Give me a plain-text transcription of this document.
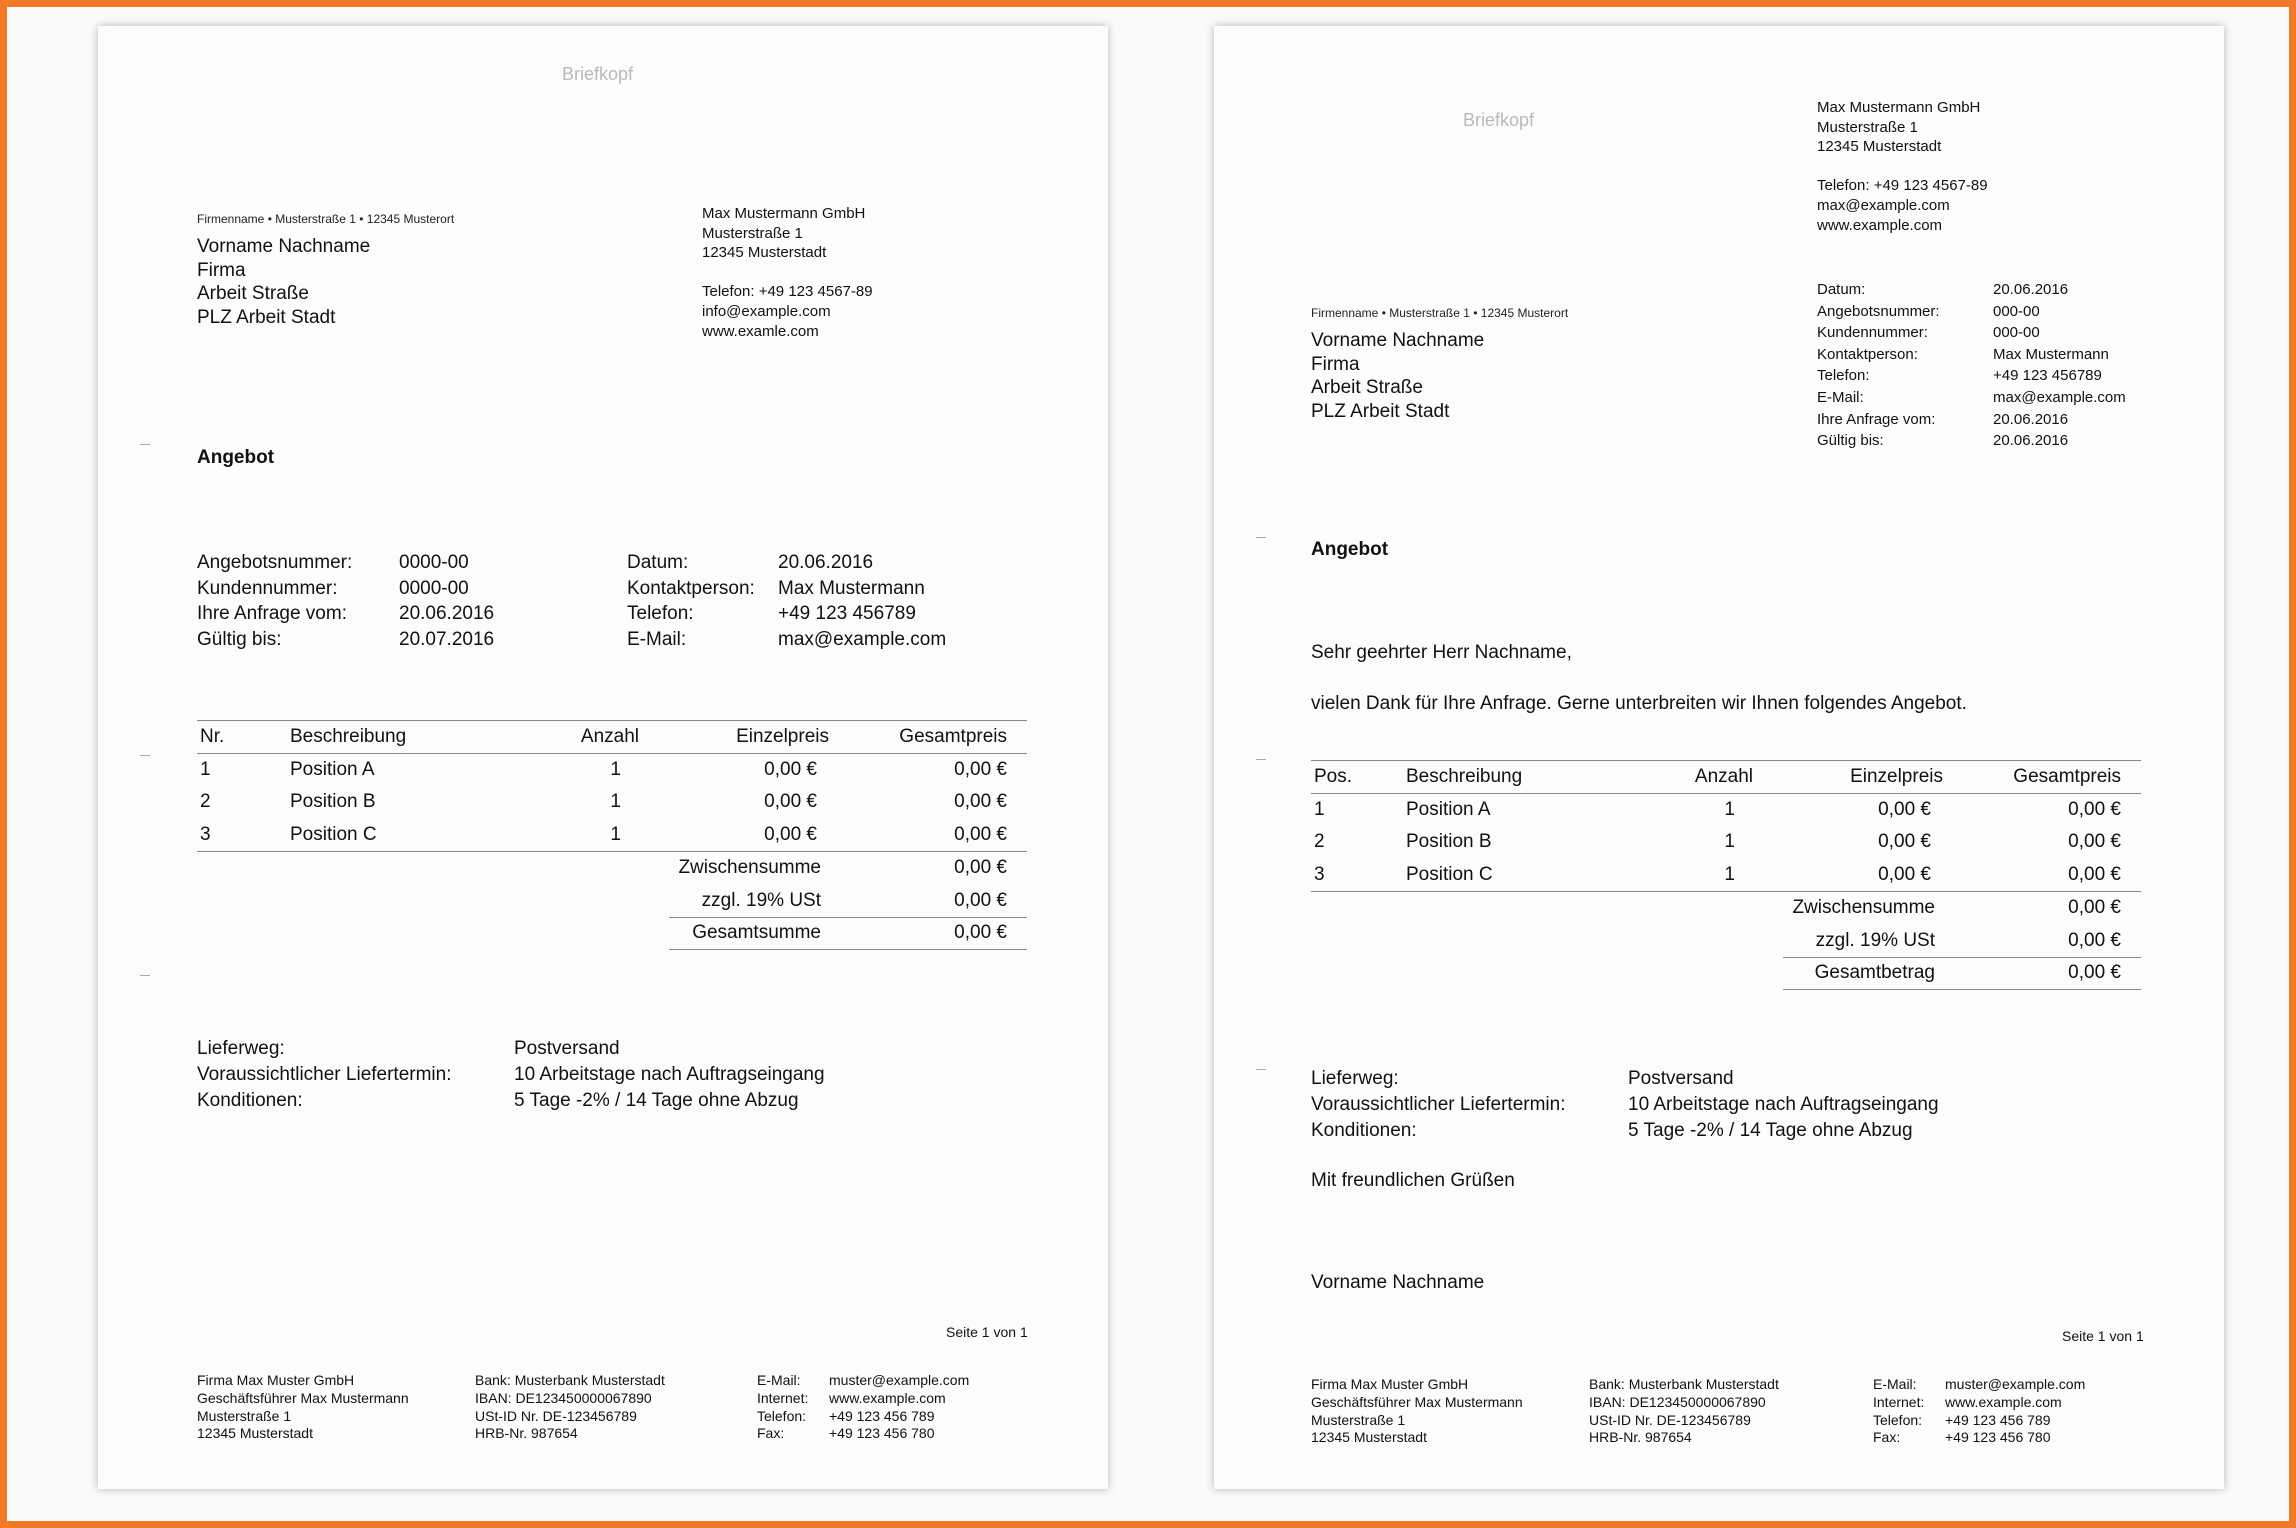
Briefkopf
Firmenname • Musterstraße 1 • 12345 Musterort
Vorname Nachname
Firma
Arbeit Straße
PLZ Arbeit Stadt
Max Mustermann GmbH
Musterstraße 1
12345 Musterstadt
Telefon: +49 123 4567-89
info@example.com
www.examle.com
Angebot
Angebotsnummer:	0000-00
Kundennummer:	0000-00
Ihre Anfrage vom:	20.06.2016
Gültig bis:	20.07.2016
Datum:	20.06.2016
Kontaktperson:	Max Mustermann
Telefon:	+49 123 456789
E-Mail:	max@example.com
Nr.	Beschreibung	Anzahl	Einzelpreis	Gesamtpreis
1	Position A	1	0,00 €	0,00 €
2	Position B	1	0,00 €	0,00 €
3	Position C	1	0,00 €	0,00 €
Zwischensumme	0,00 €
zzgl. 19% USt	0,00 €
Gesamtsumme	0,00 €
Lieferweg:	Postversand
Voraussichtlicher Liefertermin:	10 Arbeitstage nach Auftragseingang
Konditionen:	5 Tage -2% / 14 Tage ohne Abzug
Seite 1 von 1
Firma Max Muster GmbH
Geschäftsführer Max Mustermann
Musterstraße 1
12345 Musterstadt
Bank: Musterbank Musterstadt
IBAN: DE123450000067890
USt-ID Nr. DE-123456789
HRB-Nr. 987654
E-Mail:	muster@example.com
Internet:	www.example.com
Telefon:	+49 123 456 789
Fax:	+49 123 456 780
Briefkopf
Max Mustermann GmbH
Musterstraße 1
12345 Musterstadt
Telefon: +49 123 4567-89
max@example.com
www.example.com
Firmenname • Musterstraße 1 • 12345 Musterort
Vorname Nachname
Firma
Arbeit Straße
PLZ Arbeit Stadt
Datum:	20.06.2016
Angebotsnummer:	000-00
Kundennummer:	000-00
Kontaktperson:	Max Mustermann
Telefon:	+49 123 456789
E-Mail:	max@example.com
Ihre Anfrage vom:	20.06.2016
Gültig bis:	20.06.2016
Angebot
Sehr geehrter Herr Nachname,
vielen Dank für Ihre Anfrage. Gerne unterbreiten wir Ihnen folgendes Angebot.
Pos.	Beschreibung	Anzahl	Einzelpreis	Gesamtpreis
1	Position A	1	0,00 €	0,00 €
2	Position B	1	0,00 €	0,00 €
3	Position C	1	0,00 €	0,00 €
Zwischensumme	0,00 €
zzgl. 19% USt	0,00 €
Gesamtbetrag	0,00 €
Lieferweg:	Postversand
Voraussichtlicher Liefertermin:	10 Arbeitstage nach Auftragseingang
Konditionen:	5 Tage -2% / 14 Tage ohne Abzug
Mit freundlichen Grüßen
Vorname Nachname
Seite 1 von 1
Firma Max Muster GmbH
Geschäftsführer Max Mustermann
Musterstraße 1
12345 Musterstadt
Bank: Musterbank Musterstadt
IBAN: DE123450000067890
USt-ID Nr. DE-123456789
HRB-Nr. 987654
E-Mail:	muster@example.com
Internet:	www.example.com
Telefon:	+49 123 456 789
Fax:	+49 123 456 780
